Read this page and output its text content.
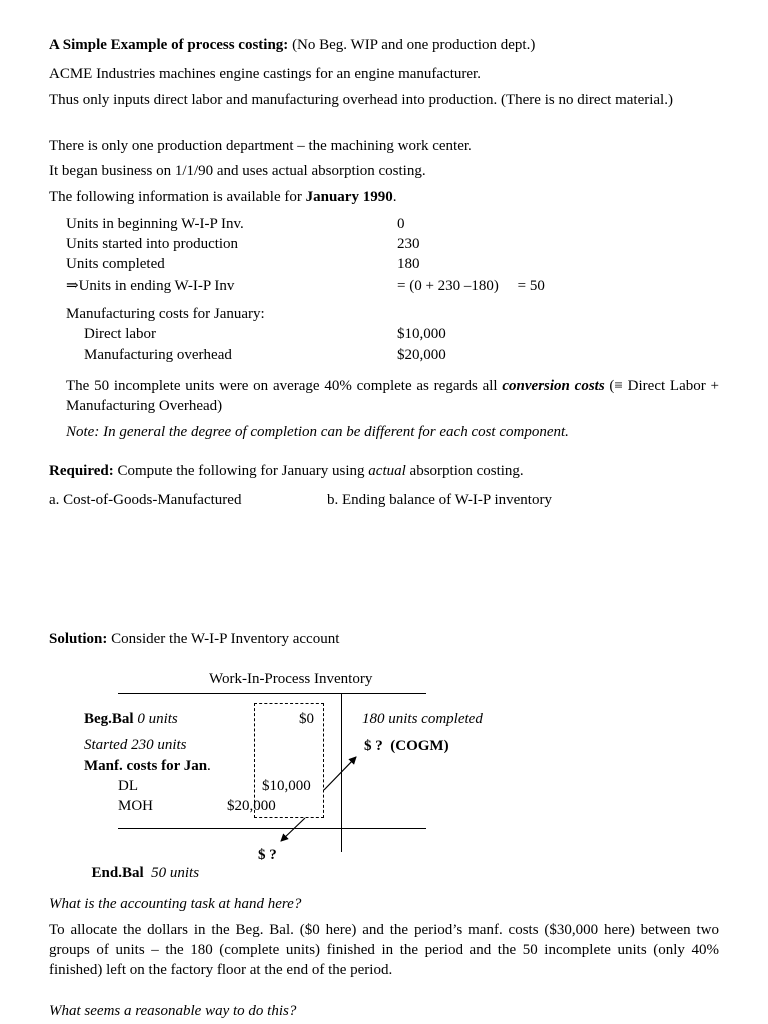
A Simple Example of process costing: (No Beg. WIP and one production dept.)
ACME Industries machines engine castings for an engine manufacturer.
Thus only inputs direct labor and manufacturing overhead into production. (There is no direct material.)
There is only one production department – the machining work center.
It began business on 1/1/90 and uses actual absorption costing.
The following information is available for January 1990.
Units in beginning W-I-P Inv.	0
Units started into production	230
Units completed	180
⇒Units in ending W-I-P Inv	= (0 + 230 –180)     = 50
Manufacturing costs for January:
Direct labor	$10,000
Manufacturing overhead	$20,000
The 50 incomplete units were on average 40% complete as regards all conversion costs (≡ Direct Labor + Manufacturing Overhead)
Note: In general the degree of completion can be different for each cost component.
Required: Compute the following for January using actual absorption costing.
a. Cost-of-Goods-Manufactured	b. Ending balance of W-I-P inventory
Solution: Consider the W-I-P Inventory account
Work-In-Process Inventory
Beg.Bal 0 units	$0
Started 230 units
Manf. costs for Jan.
DL	$10,000
MOH	$20,000
180 units completed
$ ?  (COGM)

End.Bal  50 units

$ ?
What is the accounting task at hand here?
To allocate the dollars in the Beg. Bal. ($0 here) and the period’s manf. costs ($30,000 here) between two groups of units – the 180 (complete units) finished in the period and the 50 incomplete units (only 40% finished) left on the factory floor at the end of the period.
What seems a reasonable way to do this?
